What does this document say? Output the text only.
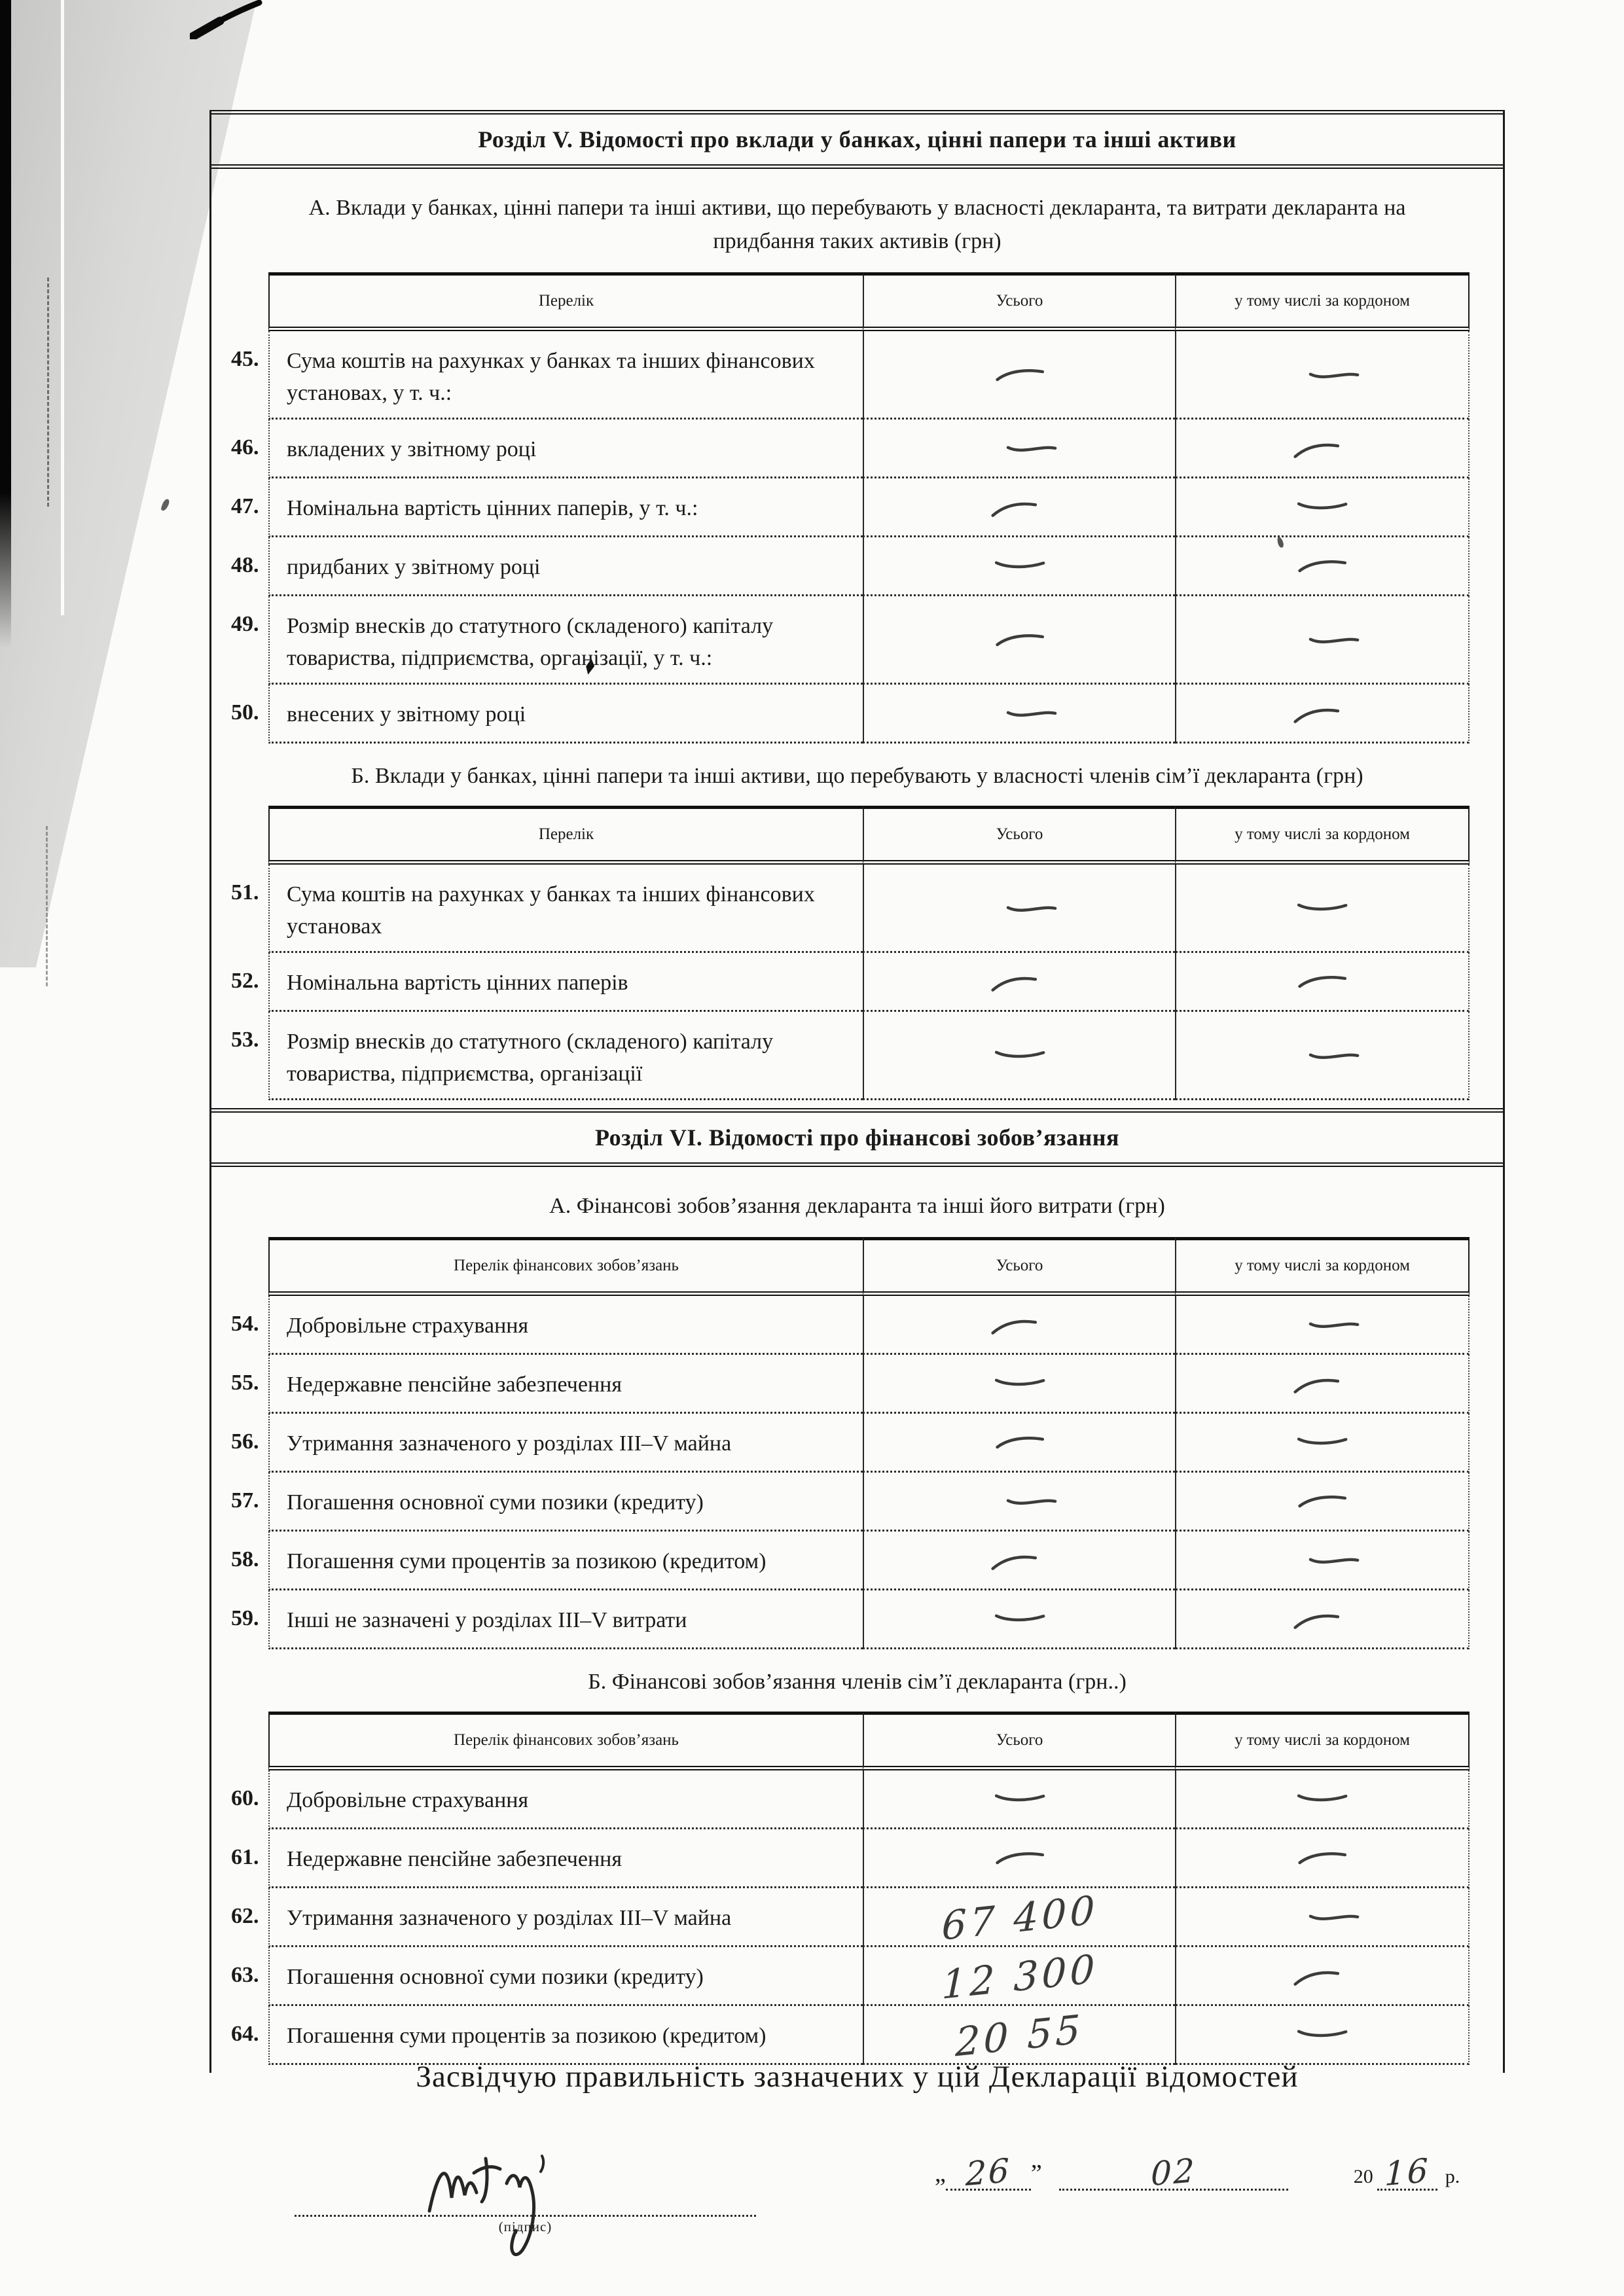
Розділ V. Відомості про вклади у банках, цінні папери та інші активи
А. Вклади у банках, цінні папери та інші активи, що перебувають у власності декларанта, та витрати декларанта на придбання таких активів (грн)
Перелік	Усього	у тому числі за кордоном
45.	Сума коштів на рахунках у банках та інших фінансових установах, у т. ч.:
46.	вкладених у звітному році
47.	Номінальна вартість цінних паперів, у т. ч.:
48.	придбаних у звітному році
49.	Розмір внесків до статутного (складеного) капіталу товариства, підприємства, організації, у т. ч.:
50.	внесених у звітному році
Б. Вклади у банках, цінні папери та інші активи, що перебувають у власності членів сім’ї декларанта (грн)
Перелік	Усього	у тому числі за кордоном
51.	Сума коштів на рахунках у банках та інших фінансових установах
52.	Номінальна вартість цінних паперів
53.	Розмір внесків до статутного (складеного) капіталу товариства, підприємства, організації
Розділ VI. Відомості про фінансові зобов’язання
А. Фінансові зобов’язання декларанта та інші його витрати (грн)
Перелік фінансових зобов’язань	Усього	у тому числі за кордоном
54.	Добровільне страхування
55.	Недержавне пенсійне забезпечення
56.	Утримання зазначеного у розділах III–V майна
57.	Погашення основної суми позики (кредиту)
58.	Погашення суми процентів за позикою (кредитом)
59.	Інші не зазначені у розділах III–V витрати
Б. Фінансові зобов’язання членів сім’ї декларанта (грн..)
Перелік фінансових зобов’язань	Усього	у тому числі за кордоном
60.	Добровільне страхування
61.	Недержавне пенсійне забезпечення
62.	Утримання зазначеного у розділах III–V майна	67 400
63.	Погашення основної суми позики (кредиту)	12 300
64.	Погашення суми процентів за позикою (кредитом)	20 55
Засвідчую правильність зазначених у цій Декларації відомостей
(підпис)
„ 26 ”	02	20 16 р.
